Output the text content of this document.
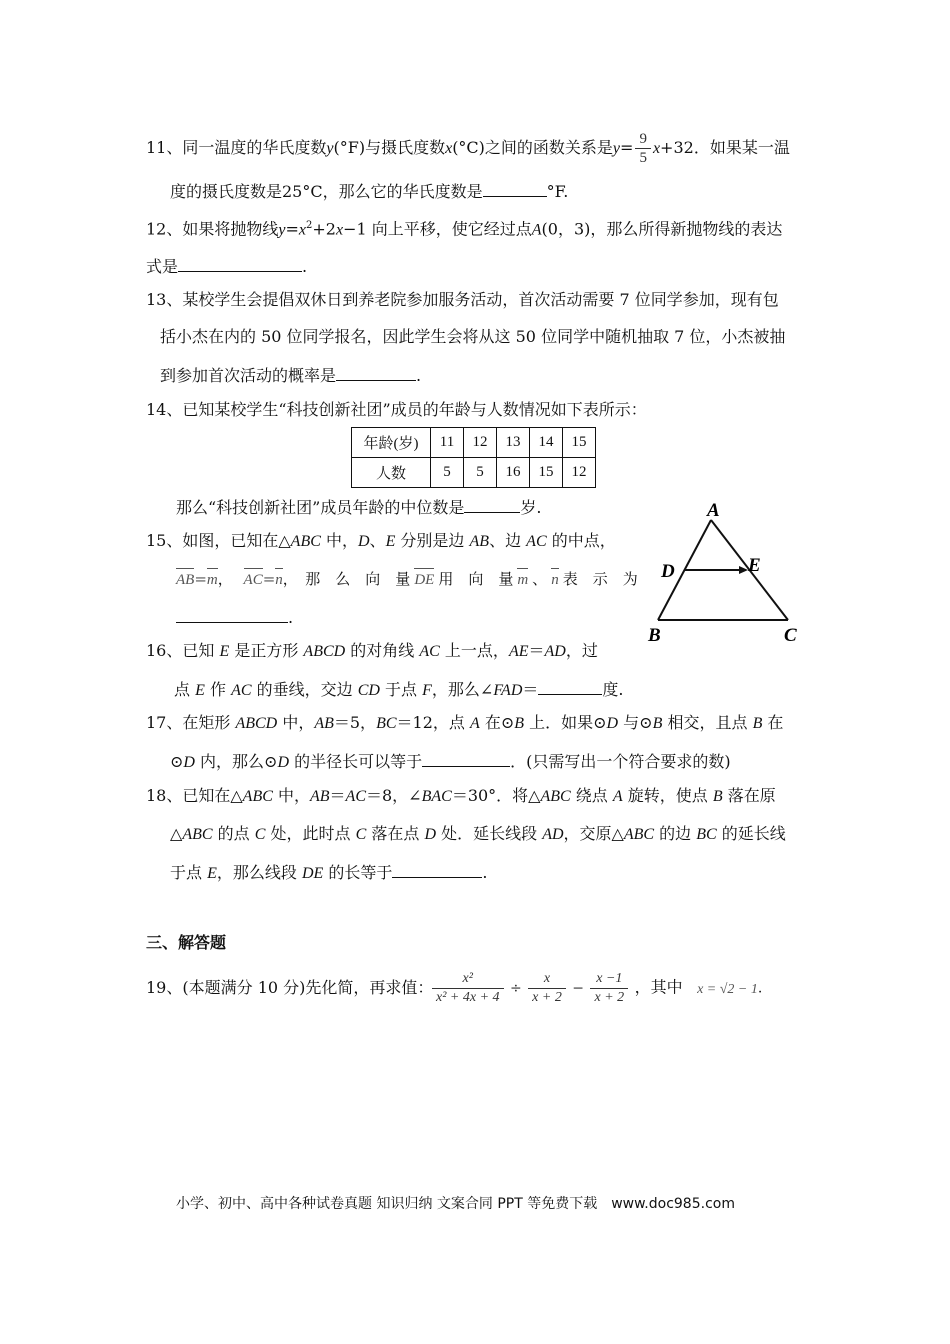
11、同一温度的华氏度数y(°F)与摄氏度数x(°C)之间的函数关系是$y= \frac{9}{5} x+32$．如果某一温
度的摄氏度数是25°C，那么它的华氏度数是	°F.
12、如果将抛物线$y=x^2+2x-1$ 向上平移，使它经过点A(0，3)，那么所得新抛物线的表达
式是	.
13、某校学生会提倡双休日到养老院参加服务活动，首次活动需要 7 位同学参加，现有包
括小杰在内的 50 位同学报名，因此学生会将从这 50 位同学中随机抽取 7 位，小杰被抽
到参加首次活动的概率是	.
14、已知某校学生“科技创新社团”成员的年龄与人数情况如下表所示：
年龄(岁)	11	12	13	14	15
人数	5	5	16	15	12
那么“科技创新社团”成员年龄的中位数是	岁.
15、如图，已知在△ABC 中，D、E 分别是边 AB、边 AC 的中点，
AB=m， AC=n，　那　么　向　量 DE 用　向　量 m 、 n 表　示　为
.
A
D	E
B	C
16、已知 E 是正方形 ABCD 的对角线 AC 上一点，AE＝AD，过
点 E 作 AC 的垂线，交边 CD 于点 F，那么∠FAD＝	度.
17、在矩形 ABCD 中，AB＝5，BC＝12，点 A 在⊙B 上．如果⊙D 与⊙B 相交，且点 B 在
⊙D 内，那么⊙D 的半径长可以等于	．(只需写出一个符合要求的数)
18、已知在△ABC 中，AB＝AC＝8，∠BAC＝30°．将△ABC 绕点 A 旋转，使点 B 落在原
△ABC 的点 C 处，此时点 C 落在点 D 处．延长线段 AD，交原△ABC 的边 BC 的延长线
于点 E，那么线段 DE 的长等于	.
三、解答题
19、(本题满分 10 分)先化简，再求值：
$\frac{\text{x²}}{\text{x² + 4x + 4}} \div \frac{x}{x + 2} - \frac{x -1}{x + 2}$ ，其中 x = √2 − 1.
小学、初中、高中各种试卷真题 知识归纳 文案合同 PPT 等免费下载　www.doc985.com
